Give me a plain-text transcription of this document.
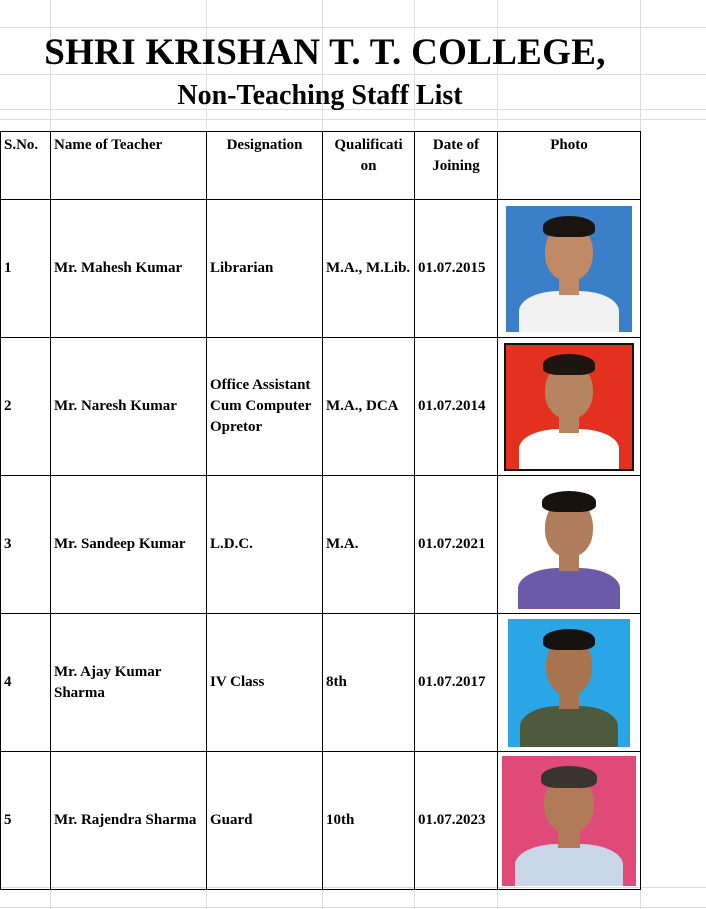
SHRI KRISHAN T. T. COLLEGE,
Non-Teaching Staff List
S.No.	Name of Teacher	Designation	Qualificati on	Date of Joining	Photo
1	Mr. Mahesh Kumar	Librarian	M.A., M.Lib.	01.07.2015	

2	Mr. Naresh Kumar	Office Assistant Cum Computer Opretor	M.A., DCA	01.07.2014	

3	Mr. Sandeep Kumar	L.D.C.	M.A.	01.07.2021	

4	Mr. Ajay Kumar Sharma	IV Class	8th	01.07.2017	

5	Mr. Rajendra Sharma	Guard	10th	01.07.2023	
